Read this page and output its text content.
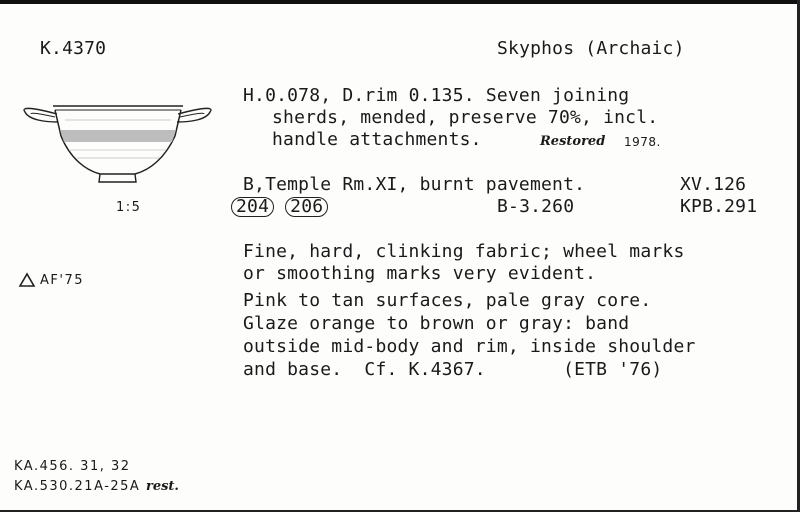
K.4370	Skyphos (Archaic)
1:5
AF'75
H.0.078, D.rim 0.135. Seven joining
sherds, mended, preserve 70%, incl.
handle attachments.	Restored 1978.
B,Temple Rm.XI, burnt pavement.	XV.126
204 206	B-3.260	KPB.291
Fine, hard, clinking fabric; wheel marks
or smoothing marks very evident.
Pink to tan surfaces, pale gray core.
Glaze orange to brown or gray: band
outside mid-body and rim, inside shoulder
and base.  Cf. K.4367.       (ETB '76)
KA.456. 31, 32
KA.530.21A-25A rest.
